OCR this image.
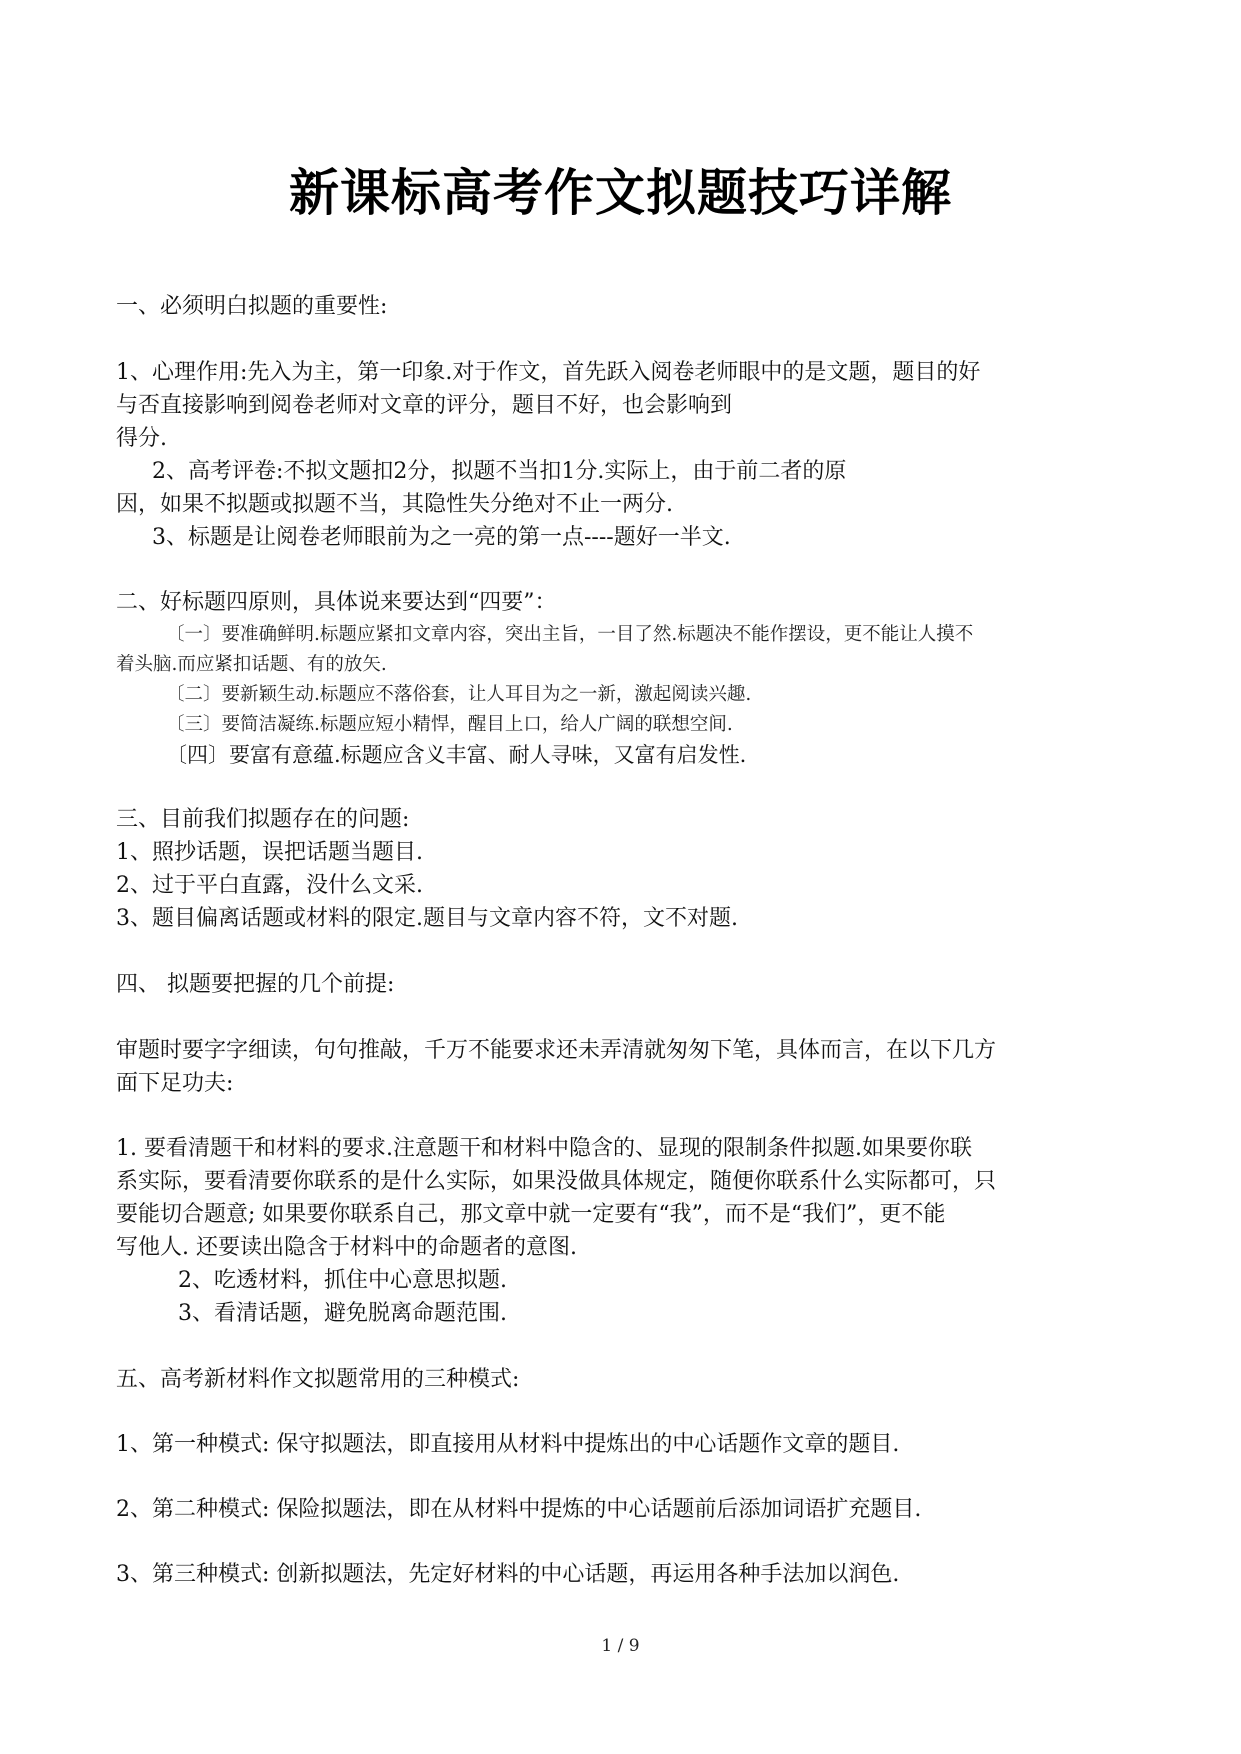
新课标高考作文拟题技巧详解
一、必须明白拟题的重要性:
1、心理作用:先入为主，第一印象.对于作文，首先跃入阅卷老师眼中的是文题，题目的好
与否直接影响到阅卷老师对文章的评分，题目不好，也会影响到
得分.
2、高考评卷:不拟文题扣2分，拟题不当扣1分.实际上，由于前二者的原
因，如果不拟题或拟题不当，其隐性失分绝对不止一两分.
3、标题是让阅卷老师眼前为之一亮的第一点----题好一半文.
二、好标题四原则，具体说来要达到“四要”：
〔一〕要准确鲜明.标题应紧扣文章内容，突出主旨，一目了然.标题决不能作摆设，更不能让人摸不
着头脑.而应紧扣话题、有的放矢.
〔二〕要新颖生动.标题应不落俗套，让人耳目为之一新，激起阅读兴趣.
〔三〕要简洁凝练.标题应短小精悍，醒目上口，给人广阔的联想空间.
〔四〕要富有意蕴.标题应含义丰富、耐人寻味，又富有启发性.
三、目前我们拟题存在的问题:
1、照抄话题，误把话题当题目.
2、过于平白直露，没什么文采.
3、题目偏离话题或材料的限定.题目与文章内容不符，文不对题.
四、 拟题要把握的几个前提:
审题时要字字细读，句句推敲，千万不能要求还未弄清就匆匆下笔，具体而言，在以下几方
面下足功夫:
1. 要看清题干和材料的要求.注意题干和材料中隐含的、显现的限制条件拟题.如果要你联
系实际，要看清要你联系的是什么实际，如果没做具体规定，随便你联系什么实际都可，只
要能切合题意; 如果要你联系自己，那文章中就一定要有“我”，而不是“我们”，更不能
写他人. 还要读出隐含于材料中的命题者的意图.
2、吃透材料，抓住中心意思拟题.
3、看清话题，避免脱离命题范围.
五、高考新材料作文拟题常用的三种模式:
1、第一种模式: 保守拟题法，即直接用从材料中提炼出的中心话题作文章的题目.
2、第二种模式: 保险拟题法，即在从材料中提炼的中心话题前后添加词语扩充题目.
3、第三种模式: 创新拟题法，先定好材料的中心话题，再运用各种手法加以润色.
1 / 9
